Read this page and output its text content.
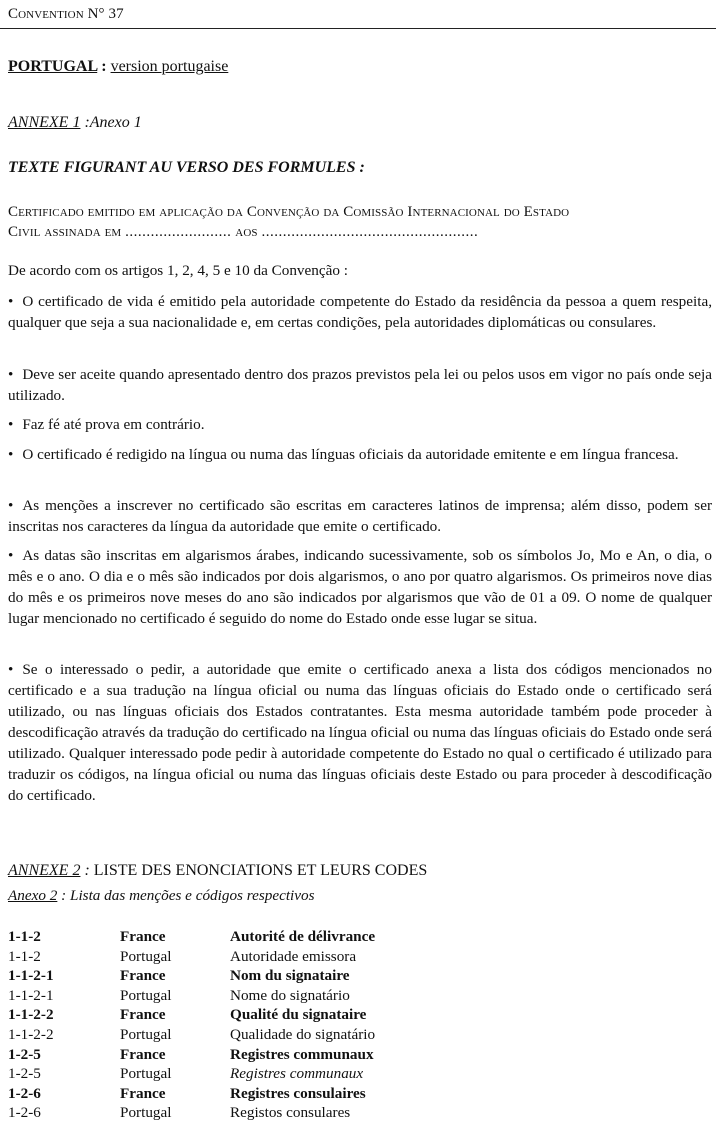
Convention N° 37

PORTUGAL : version portugaise

ANNEXE 1 :Anexo 1

TEXTE FIGURANT AU VERSO DES FORMULES :

Certificado emitido em aplicação da Convenção da Comissão Internacional do Estado
Civil assinada em ......................... aos ...................................................

De acordo com os artigos 1, 2, 4, 5 e 10 da Convenção :

• O certificado de vida é emitido pela autoridade competente do Estado da residência da pessoa a quem respeita, qualquer que seja a sua nacionalidade e, em certas condições, pela autoridades diplomáticas ou consulares.

• Deve ser aceite quando apresentado dentro dos prazos previstos pela lei ou pelos usos em vigor no país onde seja utilizado.

• Faz fé até prova em contrário.

• O certificado é redigido na língua ou numa das línguas oficiais da autoridade emitente e em língua francesa.

• As menções a inscrever no certificado são escritas em caracteres latinos de imprensa; além disso, podem ser inscritas nos caracteres da língua da autoridade que emite o certificado.

• As datas são inscritas em algarismos árabes, indicando sucessivamente, sob os símbolos Jo, Mo e An, o dia, o mês e o ano. O dia e o mês são indicados por dois algarismos, o ano por quatro algarismos. Os primeiros nove dias do mês e os primeiros nove meses do ano são indicados por algarismos que vão de 01 a 09. O nome de qualquer lugar mencionado no certificado é seguido do nome do Estado onde esse lugar se situa.

• Se o interessado o pedir, a autoridade que emite o certificado anexa a lista dos códigos mencionados no certificado e a sua tradução na língua oficial ou numa das línguas oficiais do Estado onde o certificado será utilizado, ou nas línguas oficiais dos Estados contratantes. Esta mesma autoridade também pode proceder à descodificação através da tradução do certificado na língua oficial ou numa das línguas oficiais do Estado onde será utilizado. Qualquer interessado pode pedir à autoridade competente do Estado no qual o certificado é utilizado para traduzir os códigos, na língua oficial ou numa das línguas oficiais deste Estado ou para proceder à descodificação do certificado.

ANNEXE 2 : LISTE DES ENONCIATIONS ET LEURS CODES

Anexo 2 : Lista das menções e códigos respectivos

1-1-2	France	Autorité de délivrance
1-1-2	Portugal	Autoridade emissora
1-1-2-1	France	Nom du signataire
1-1-2-1	Portugal	Nome do signatário
1-1-2-2	France	Qualité du signataire
1-1-2-2	Portugal	Qualidade do signatário
1-2-5	France	Registres communaux
1-2-5	Portugal	Registres communaux
1-2-6	France	Registres consulaires
1-2-6	Portugal	Registos consulares
